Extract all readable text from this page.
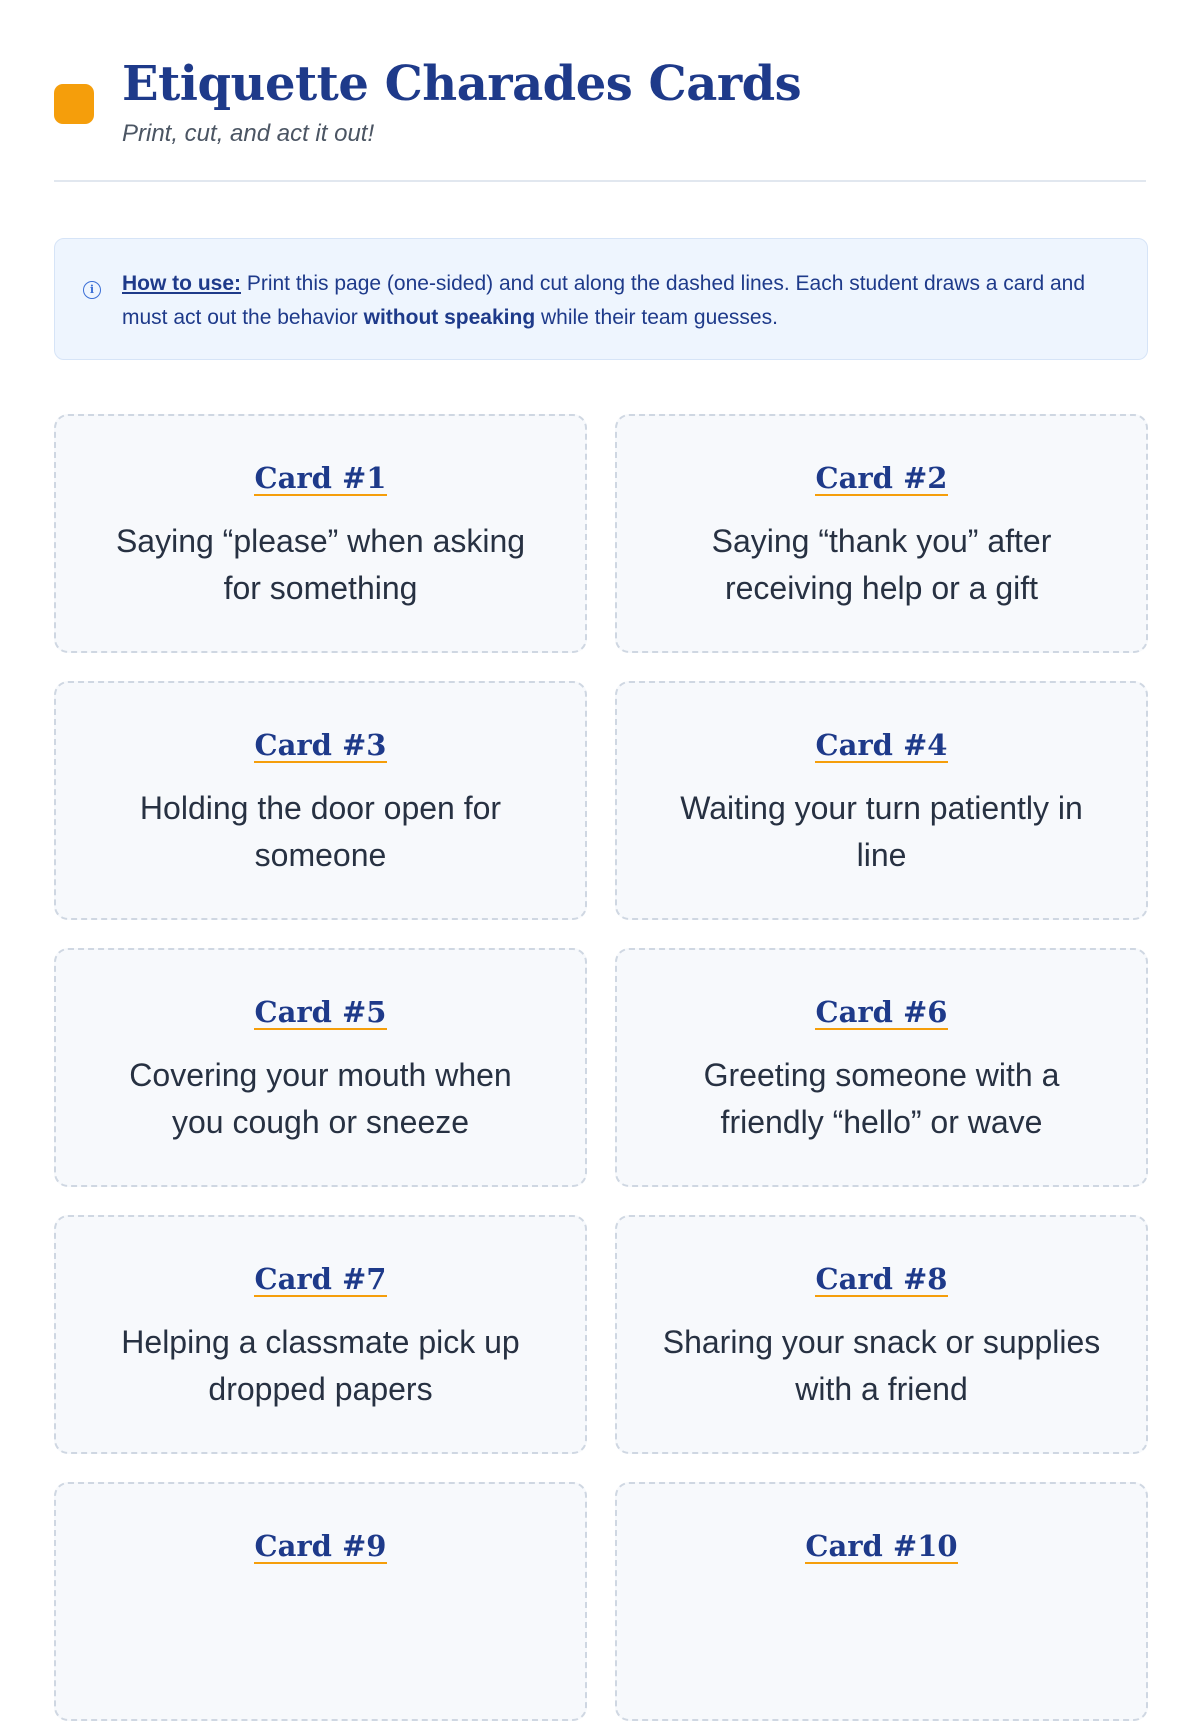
Etiquette Charades Cards
Print, cut, and act it out!
i	How to use: Print this page (one-sided) and cut along the dashed lines. Each student draws a card and must act out the behavior without speaking while their team guesses.
Card #1
Saying “please” when asking for something
Card #2
Saying “thank you” after receiving help or a gift
Card #3
Holding the door open for someone
Card #4
Waiting your turn patiently in line
Card #5
Covering your mouth when you cough or sneeze
Card #6
Greeting someone with a friendly “hello” or wave
Card #7
Helping a classmate pick up dropped papers
Card #8
Sharing your snack or supplies with a friend
Card #9	Card #10
